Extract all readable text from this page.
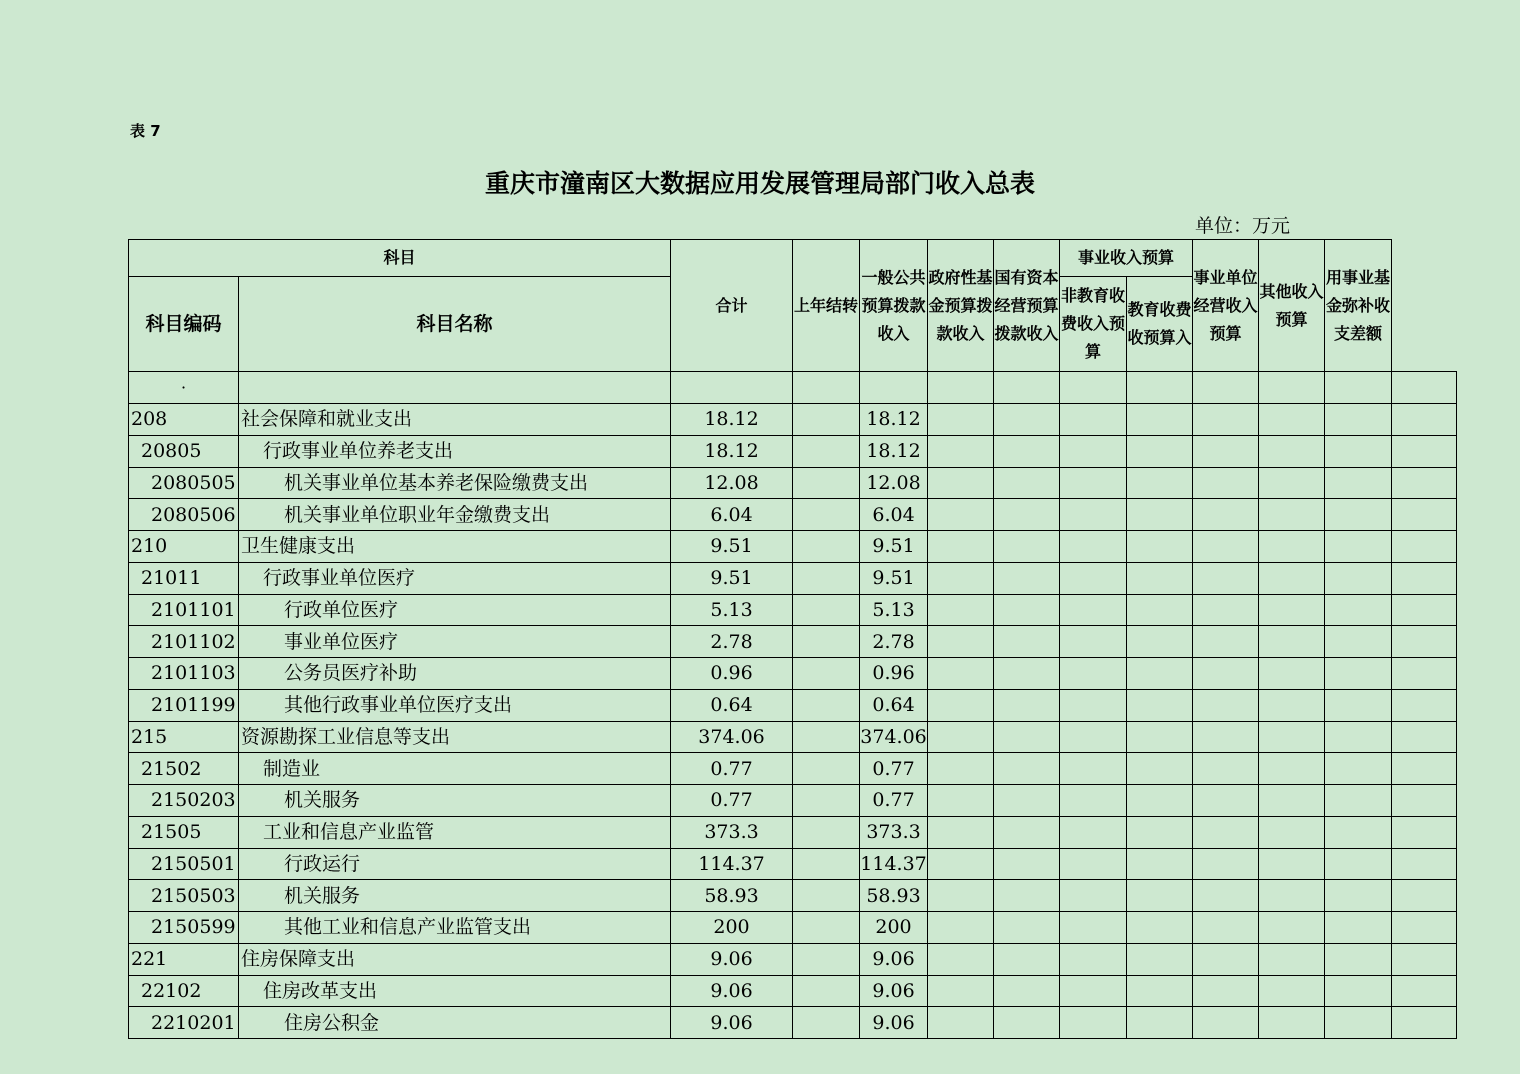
表 7
重庆市潼南区大数据应用发展管理局部门收入总表
单位：万元
科目		合计	上年结转	一般公共预算拨款收入	政府性基金预算拨款收入	国有资本经营预算拨款收入	事业收入预算		事业单位经营收入预算	其他收入预算	用事业基金弥补收支差额	
科目编码	科目名称						非教育收费收入预算	教育收费收预算入				
·												
208	社会保障和就业支出	18.12		18.12								
20805	行政事业单位养老支出	18.12		18.12								
2080505	机关事业单位基本养老保险缴费支出	12.08		12.08								
2080506	机关事业单位职业年金缴费支出	6.04		6.04								
210	卫生健康支出	9.51		9.51								
21011	行政事业单位医疗	9.51		9.51								
2101101	行政单位医疗	5.13		5.13								
2101102	事业单位医疗	2.78		2.78								
2101103	公务员医疗补助	0.96		0.96								
2101199	其他行政事业单位医疗支出	0.64		0.64								
215	资源勘探工业信息等支出	374.06		374.06								
21502	制造业	0.77		0.77								
2150203	机关服务	0.77		0.77								
21505	工业和信息产业监管	373.3		373.3								
2150501	行政运行	114.37		114.37								
2150503	机关服务	58.93		58.93								
2150599	其他工业和信息产业监管支出	200		200								
221	住房保障支出	9.06		9.06								
22102	住房改革支出	9.06		9.06								
2210201	住房公积金	9.06		9.06								
